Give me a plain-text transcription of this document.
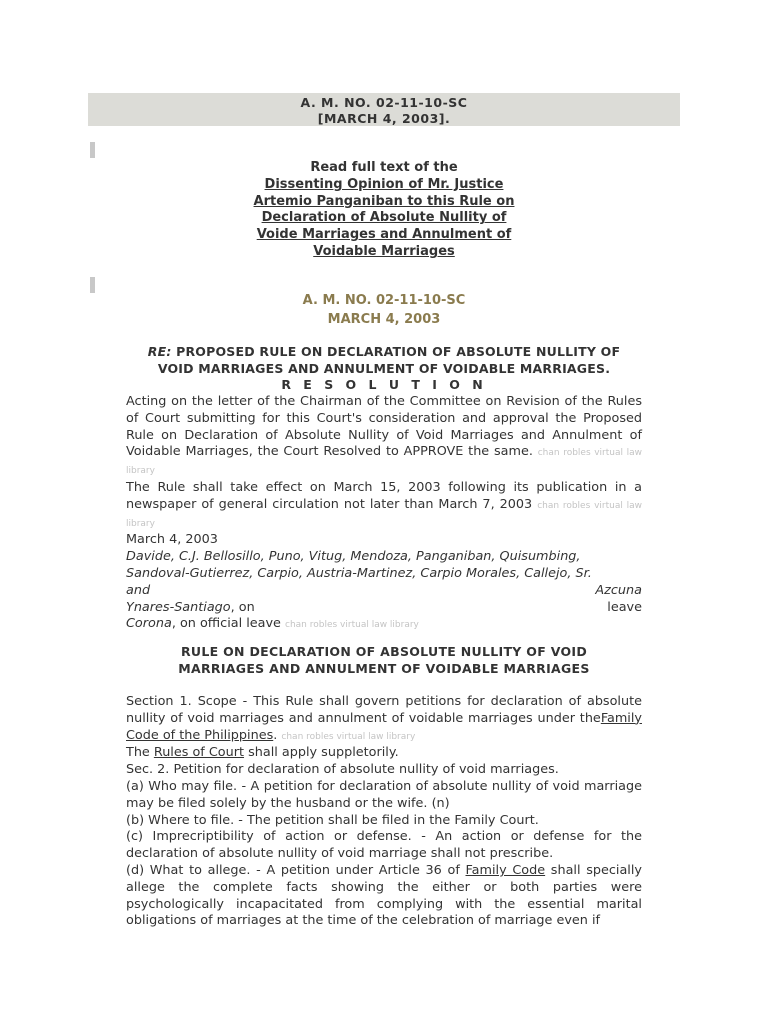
A. M. NO. 02-11-10-SC
[MARCH 4, 2003].
Read full text of the
Dissenting Opinion of Mr. Justice
Artemio Panganiban to this Rule on
Declaration of Absolute Nullity of
Voide Marriages and Annulment of
Voidable Marriages
A. M. NO. 02-11-10-SC
MARCH 4, 2003
RE: PROPOSED RULE ON DECLARATION OF ABSOLUTE NULLITY OF
VOID MARRIAGES AND ANNULMENT OF VOIDABLE MARRIAGES.
R E S O L U T I O N
Acting on the letter of the Chairman of the Committee on Revision of the Rules of Court submitting for this Court's consideration and approval the Proposed Rule on Declaration of Absolute Nullity of Void Marriages and Annulment of Voidable Marriages, the Court Resolved to APPROVE the same. chan robles virtual law library
The Rule shall take effect on March 15, 2003 following its publication in a newspaper of general circulation not later than March 7, 2003 chan robles virtual law library
March 4, 2003
Davide, C.J. Bellosillo, Puno, Vitug, Mendoza, Panganiban, Quisumbing,
Sandoval-Gutierrez, Carpio, Austria-Martinez, Carpio Morales, Callejo, Sr.
and	Azcuna
Ynares-Santiago, on	leave
Corona, on official leave chan robles virtual law library
RULE ON DECLARATION OF ABSOLUTE NULLITY OF VOID
MARRIAGES AND ANNULMENT OF VOIDABLE MARRIAGES
Section 1. Scope - This Rule shall govern petitions for declaration of absolute nullity of void marriages and annulment of voidable marriages under theFamily Code of the Philippines. chan robles virtual law library
The Rules of Court shall apply suppletorily.
Sec. 2. Petition for declaration of absolute nullity of void marriages.
(a) Who may file. - A petition for declaration of absolute nullity of void marriage may be filed solely by the husband or the wife. (n)
(b) Where to file. - The petition shall be filed in the Family Court.
(c) Imprecriptibility of action or defense. - An action or defense for the declaration of absolute nullity of void marriage shall not prescribe.
(d) What to allege. - A petition under Article 36 of Family Code shall specially allege the complete facts showing the either or both parties were psychologically incapacitated from complying with the essential marital obligations of marriages at the time of the celebration of marriage even if
